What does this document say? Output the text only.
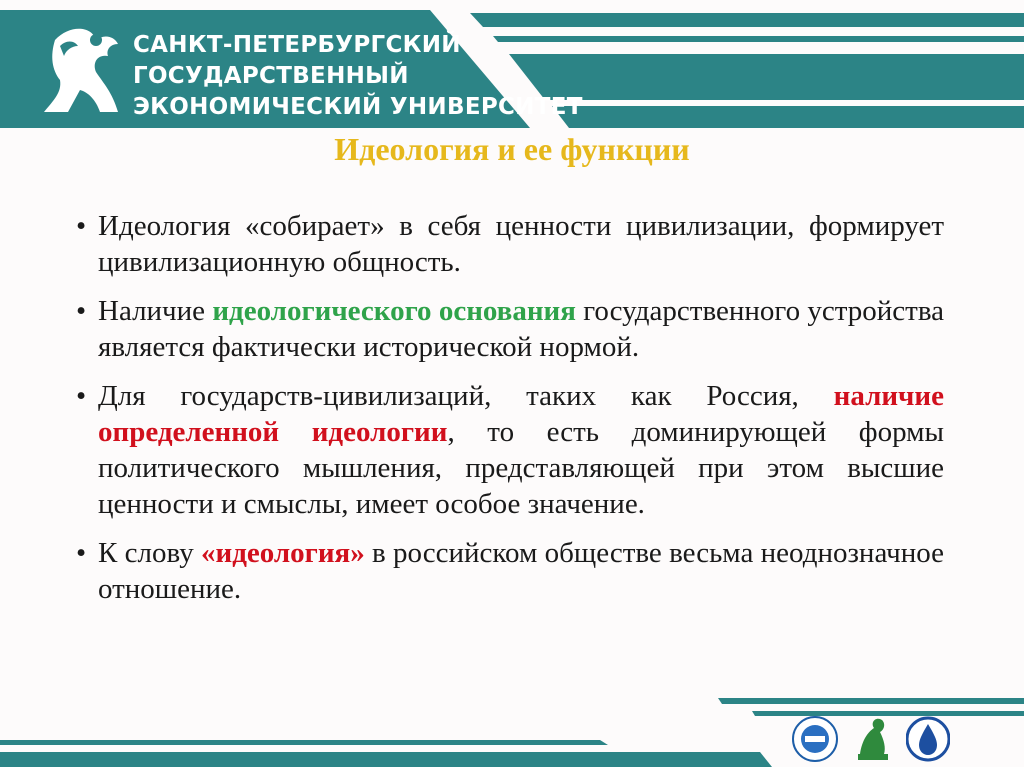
САНКТ-ПЕТЕРБУРГСКИЙ
ГОСУДАРСТВЕННЫЙ
ЭКОНОМИЧЕСКИЙ УНИВЕРСИТЕТ
Идеология и ее функции
• Идеология «собирает» в себя ценности цивилизации, формирует цивилизационную общность.
• Наличие идеологического основания государственного устройства является фактически исторической нормой.
• Для государств-цивилизаций, таких как Россия, наличие определенной идеологии, то есть доминирующей формы политического мышления, представляющей при этом высшие ценности и смыслы, имеет особое значение.
• К слову «идеология» в российском обществе весьма неоднозначное отношение.
